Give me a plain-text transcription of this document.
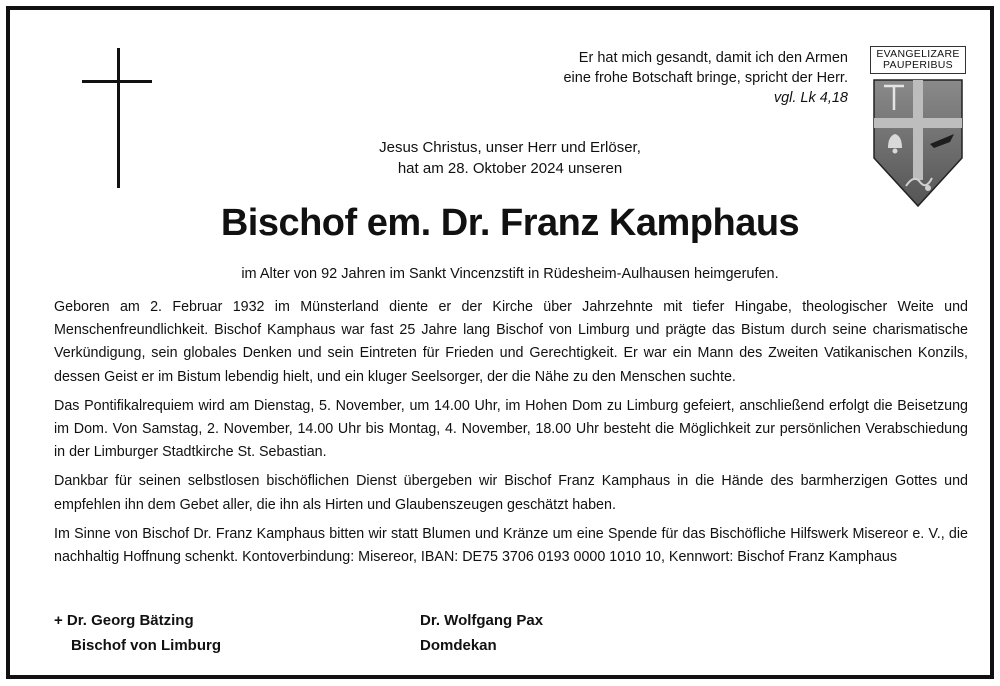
Er hat mich gesandt, damit ich den Armen
eine frohe Botschaft bringe, spricht der Herr.
vgl. Lk 4,18
EVANGELIZARE
PAUPERIBUS
Jesus Christus, unser Herr und Erlöser,
hat am 28. Oktober 2024 unseren
Bischof em. Dr. Franz Kamphaus
im Alter von 92 Jahren im Sankt Vincenzstift in Rüdesheim-Aulhausen heimgerufen.

Geboren am 2. Februar 1932 im Münsterland diente er der Kirche über Jahrzehnte mit tiefer Hingabe, theologischer Weite und Menschenfreundlichkeit. Bischof Kamphaus war fast 25 Jahre lang Bischof von Limburg und prägte das Bistum durch seine charismatische Verkündigung, sein globales Denken und sein Eintreten für Frieden und Gerechtigkeit. Er war ein Mann des Zweiten Vatikanischen Konzils, dessen Geist er im Bistum lebendig hielt, und ein kluger Seelsorger, der die Nähe zu den Menschen suchte.

Das Pontifikalrequiem wird am Dienstag, 5. November, um 14.00 Uhr, im Hohen Dom zu Limburg gefeiert, anschließend erfolgt die Beisetzung im Dom. Von Samstag, 2. November, 14.00 Uhr bis Montag, 4. November, 18.00 Uhr besteht die Möglichkeit zur persönlichen Verabschiedung in der Limburger Stadtkirche St. Sebastian.

Dankbar für seinen selbstlosen bischöflichen Dienst übergeben wir Bischof Franz Kamphaus in die Hände des barmherzigen Gottes und empfehlen ihn dem Gebet aller, die ihn als Hirten und Glaubenszeugen geschätzt haben.

Im Sinne von Bischof Dr. Franz Kamphaus bitten wir statt Blumen und Kränze um eine Spende für das Bischöfliche Hilfswerk Misereor e. V., die nachhaltig Hoffnung schenkt. Kontoverbindung: Misereor, IBAN: DE75 3706 0193 0000 1010 10, Kennwort: Bischof Franz Kamphaus

+ Dr. Georg Bätzing
Bischof von Limburg
Dr. Wolfgang Pax
Domdekan
